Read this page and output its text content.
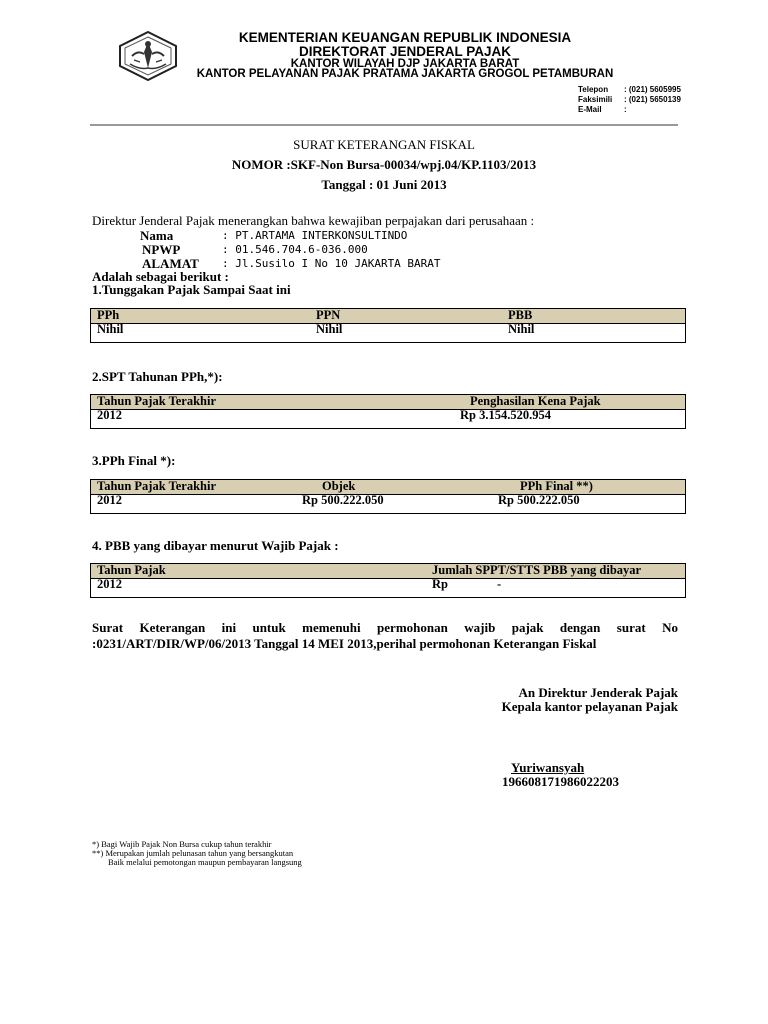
KEMENTERIAN KEUANGAN REPUBLIK INDONESIA
DIREKTORAT JENDERAL PAJAK
KANTOR WILAYAH DJP JAKARTA BARAT
KANTOR PELAYANAN PAJAK PRATAMA JAKARTA GROGOL PETAMBURAN
Telepon : (021) 5605995
Faksimili : (021) 5650139
E-Mail	:
SURAT KETERANGAN FISKAL
NOMOR :SKF-Non Bursa-00034/wpj.04/KP.1103/2013
Tanggal : 01 Juni 2013
Direktur Jenderal Pajak menerangkan bahwa kewajiban perpajakan dari perusahaan :
Nama	: PT.ARTAMA INTERKONSULTINDO
NPWP	: 01.546.704.6-036.000
ALAMAT : Jl.Susilo I No 10 JAKARTA BARAT
Adalah sebagai berikut :
1.Tunggakan Pajak Sampai Saat ini
PPh	PPN	PBB
Nihil	Nihil	Nihil
2.SPT Tahunan PPh,*):
Tahun Pajak Terakhir	Penghasilan Kena Pajak
2012	Rp 3.154.520.954
3.PPh Final *):
Tahun Pajak Terakhir	Objek	PPh Final **)
2012	Rp 500.222.050	Rp 500.222.050
4. PBB yang dibayar menurut Wajib Pajak :
Tahun Pajak	Jumlah SPPT/STTS PBB yang dibayar
2012	Rp	-
Surat Keterangan ini untuk memenuhi permohonan wajib pajak dengan surat No
:0231/ART/DIR/WP/06/2013 Tanggal 14 MEI 2013,perihal permohonan Keterangan Fiskal
An Direktur Jenderak Pajak
Kepala kantor pelayanan Pajak
Yuriwansyah
196608171986022203
*) Bagi Wajib Pajak Non Bursa cukup tahun terakhir
**) Merupakan jumlah pelunasan tahun yang bersangkutan
Baik melalui pemotongan maupun pembayaran langsung
